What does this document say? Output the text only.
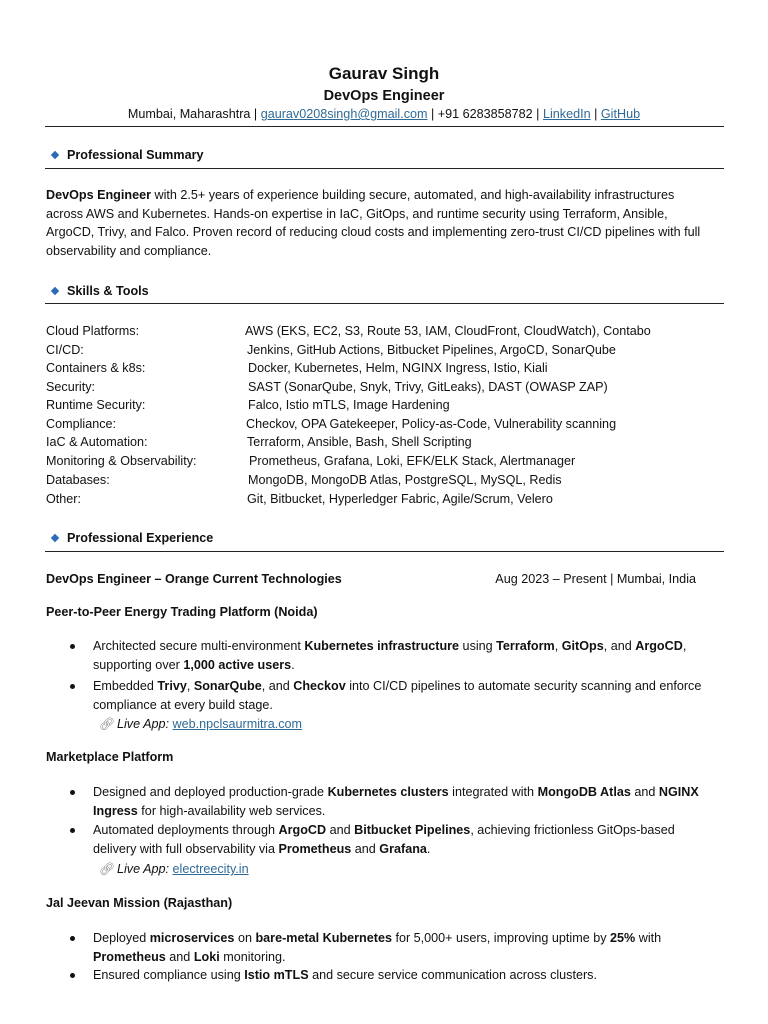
Gaurav Singh
DevOps Engineer
Mumbai, Maharashtra | gaurav0208singh@gmail.com | +91 6283858782 | LinkedIn | GitHub
Professional Summary
DevOps Engineer with 2.5+ years of experience building secure, automated, and high-availability infrastructures
across AWS and Kubernetes. Hands-on expertise in IaC, GitOps, and runtime security using Terraform, Ansible,
ArgoCD, Trivy, and Falco. Proven record of reducing cloud costs and implementing zero-trust CI/CD pipelines with full
observability and compliance.
Skills & Tools
Cloud Platforms:	AWS (EKS, EC2, S3, Route 53, IAM, CloudFront, CloudWatch), Contabo
CI/CD:	Jenkins, GitHub Actions, Bitbucket Pipelines, ArgoCD, SonarQube
Containers & k8s:	Docker, Kubernetes, Helm, NGINX Ingress, Istio, Kiali
Security:	SAST (SonarQube, Snyk, Trivy, GitLeaks), DAST (OWASP ZAP)
Runtime Security:	Falco, Istio mTLS, Image Hardening
Compliance:	Checkov, OPA Gatekeeper, Policy-as-Code, Vulnerability scanning
IaC & Automation:	Terraform, Ansible, Bash, Shell Scripting
Monitoring & Observability:	Prometheus, Grafana, Loki, EFK/ELK Stack, Alertmanager
Databases:	MongoDB, MongoDB Atlas, PostgreSQL, MySQL, Redis
Other:	Git, Bitbucket, Hyperledger Fabric, Agile/Scrum, Velero
Professional Experience
DevOps Engineer – Orange Current Technologies	Aug 2023 – Present | Mumbai, India
Peer-to-Peer Energy Trading Platform (Noida)
Architected secure multi-environment Kubernetes infrastructure using Terraform, GitOps, and ArgoCD,
supporting over 1,000 active users.
Embedded Trivy, SonarQube, and Checkov into CI/CD pipelines to automate security scanning and enforce
compliance at every build stage.
🔗︎ Live App: web.npclsaurmitra.com
Marketplace Platform
Designed and deployed production-grade Kubernetes clusters integrated with MongoDB Atlas and NGINX
Ingress for high-availability web services.
Automated deployments through ArgoCD and Bitbucket Pipelines, achieving frictionless GitOps-based
delivery with full observability via Prometheus and Grafana.
🔗︎ Live App: electreecity.in
Jal Jeevan Mission (Rajasthan)
Deployed microservices on bare-metal Kubernetes for 5,000+ users, improving uptime by 25% with
Prometheus and Loki monitoring.
Ensured compliance using Istio mTLS and secure service communication across clusters.
